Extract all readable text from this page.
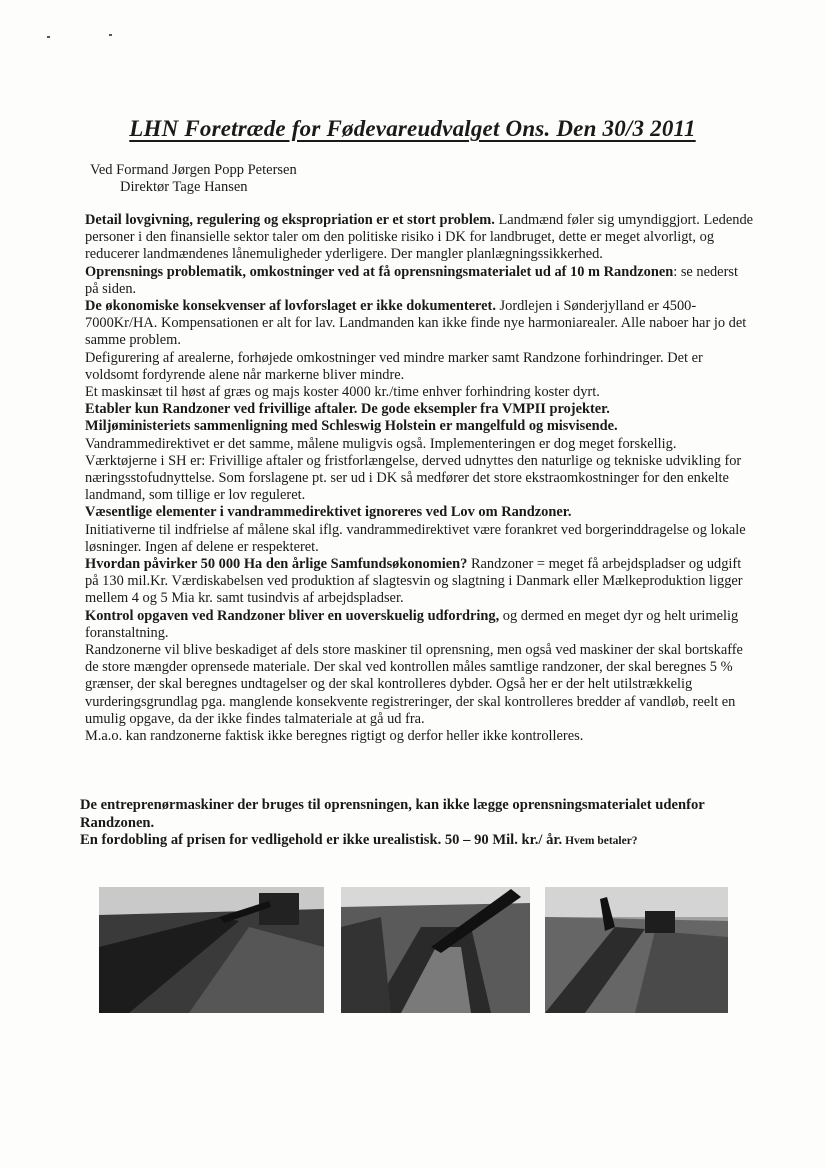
LHN Foretræde for Fødevareudvalget Ons. Den 30/3 2011
Ved Formand Jørgen Popp Petersen
Direktør Tage Hansen

Detail lovgivning, regulering og ekspropriation er et stort problem. Landmænd føler sig umyndiggjort. Ledende personer i den finansielle sektor taler om den politiske risiko i DK for landbruget, dette er meget alvorligt, og reducerer landmændenes lånemuligheder yderligere. Der mangler planlægningssikkerhed.

Oprensnings problematik, omkostninger ved at få oprensningsmaterialet ud af 10 m Randzonen: se nederst på siden.

De økonomiske konsekvenser af lovforslaget er ikke dokumenteret. Jordlejen i Sønderjylland er 4500-7000Kr/HA. Kompensationen er alt for lav. Landmanden kan ikke finde nye harmoniarealer. Alle naboer har jo det samme problem.

Defigurering af arealerne, forhøjede omkostninger ved mindre marker samt Randzone forhindringer. Det er voldsomt fordyrende alene når markerne bliver mindre.

Et maskinsæt til høst af græs og majs koster 4000 kr./time enhver forhindring koster dyrt.

Etabler kun Randzoner ved frivillige aftaler. De gode eksempler fra VMPII projekter.

Miljøministeriets sammenligning med Schleswig Holstein er mangelfuld og misvisende.

Vandrammedirektivet er det samme, målene muligvis også. Implementeringen er dog meget forskellig.

Værktøjerne i SH er: Frivillige aftaler og fristforlængelse, derved udnyttes den naturlige og tekniske udvikling for næringsstofudnyttelse. Som forslagene pt. ser ud i DK så medfører det store ekstraomkostninger for den enkelte landmand, som tillige er lov reguleret.

Væsentlige elementer i vandrammedirektivet ignoreres ved Lov om Randzoner.

Initiativerne til indfrielse af målene skal iflg. vandrammedirektivet være forankret ved borgerinddragelse og lokale løsninger. Ingen af delene er respekteret.

Hvordan påvirker 50 000 Ha den årlige Samfundsøkonomien? Randzoner = meget få arbejdspladser og udgift på 130 mil.Kr. Værdiskabelsen ved produktion af slagtesvin og slagtning i Danmark eller Mælkeproduktion ligger mellem 4 og 5 Mia kr. samt tusindvis af arbejdspladser.

Kontrol opgaven ved Randzoner bliver en uoverskuelig udfordring, og dermed en meget dyr og helt urimelig foranstaltning.

Randzonerne vil blive beskadiget af dels store maskiner til oprensning, men også ved maskiner der skal bortskaffe de store mængder oprensede materiale. Der skal ved kontrollen måles samtlige randzoner, der skal beregnes 5 % grænser, der skal beregnes undtagelser og der skal kontrolleres dybder. Også her er der helt utilstrækkelig vurderingsgrundlag pga. manglende konsekvente registreringer, der skal kontrolleres bredder af vandløb, reelt en umulig opgave, da der ikke findes talmateriale at gå ud fra.

M.a.o. kan randzonerne faktisk ikke beregnes rigtigt og derfor heller ikke kontrolleres.

De entreprenørmaskiner der bruges til oprensningen, kan ikke lægge oprensningsmaterialet udenfor Randzonen.

En fordobling af prisen for vedligehold er ikke urealistisk. 50 – 90 Mil. kr./ år. Hvem betaler?
